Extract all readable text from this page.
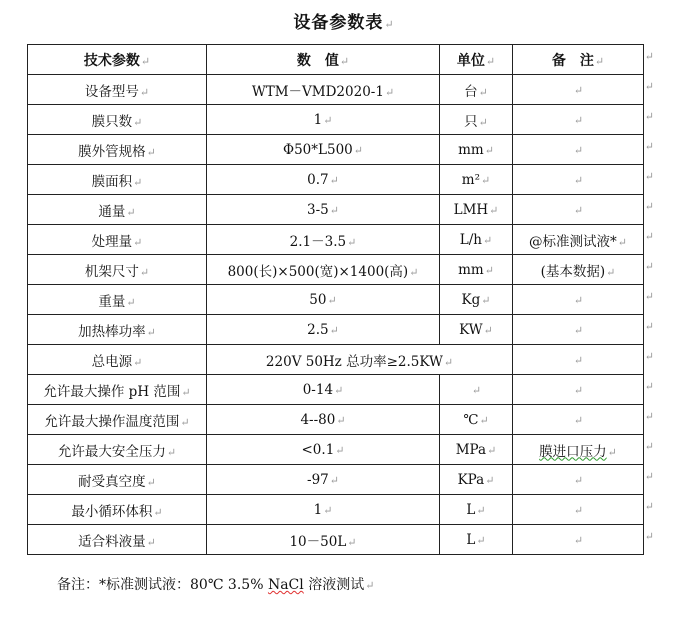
设备参数表↵
技术参数↵	数　值↵	单位↵	备　注↵
设备型号↵	WTM－VMD2020-1↵	台↵	↵
膜只数↵	1↵	只↵	↵
膜外管规格↵	Φ50*L500↵	mm↵	↵
膜面积↵	0.7↵	m²↵	↵
通量↵	3-5↵	LMH↵	↵
处理量↵	2.1－3.5↵	L/h↵	@标准测试液*↵
机架尺寸↵	800(长)×500(宽)×1400(高)↵	mm↵	(基本数据)↵
重量↵	50↵	Kg↵	↵
加热棒功率↵	2.5↵	KW↵	↵
总电源↵	220V 50Hz 总功率≥2.5KW↵		↵
允许最大操作 pH 范围↵	0-14↵	↵	↵
允许最大操作温度范围↵	4--80↵	℃↵	↵
允许最大安全压力↵	<0.1↵	MPa↵	膜进口压力↵
耐受真空度↵	-97↵	KPa↵	↵
最小循环体积↵	1↵	L↵	↵
适合料液量↵	10－50L↵	L↵	↵
备注：*标准测试液：80℃ 3.5% NaCl 溶液测试↵
↵
↵
↵
↵
↵
↵
↵
↵
↵
↵
↵
↵
↵
↵
↵
↵
↵
